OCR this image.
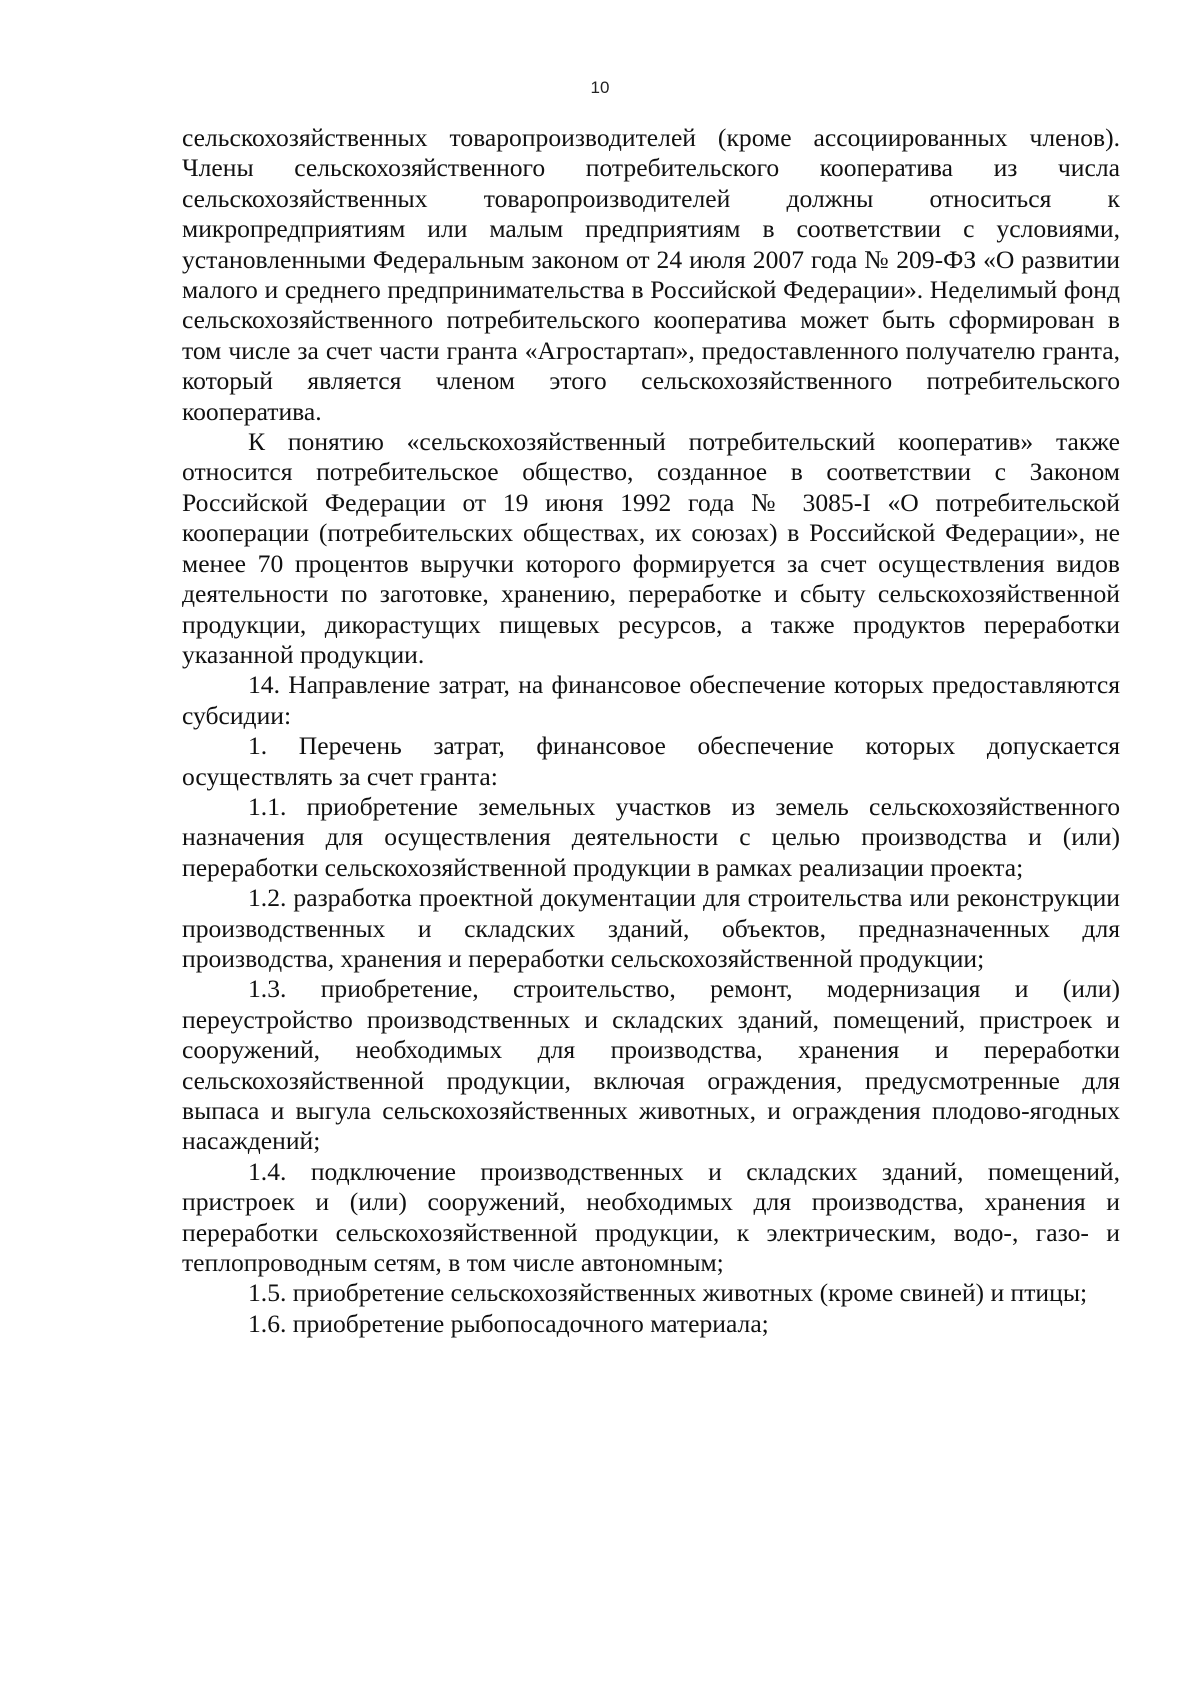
10

сельскохозяйственных товаропроизводителей (кроме ассоциированных членов). Члены сельскохозяйственного потребительского кооператива из числа сельскохозяйственных товаропроизводителей должны относиться к микропредприятиям или малым предприятиям в соответствии с условиями, установленными Федеральным законом от 24 июля 2007 года № 209-ФЗ «О развитии малого и среднего предпринимательства в Российской Федерации». Неделимый фонд сельскохозяйственного потребительского кооператива может быть сформирован в том числе за счет части гранта «Агростартап», предоставленного получателю гранта, который является членом этого сельскохозяйственного потребительского кооператива.

К понятию «сельскохозяйственный потребительский кооператив» также относится потребительское общество, созданное в соответствии с Законом Российской Федерации от 19 июня 1992 года № 3085-I «О потребительской кооперации (потребительских обществах, их союзах) в Российской Федерации», не менее 70 процентов выручки которого формируется за счет осуществления видов деятельности по заготовке, хранению, переработке и сбыту сельскохозяйственной продукции, дикорастущих пищевых ресурсов, а также продуктов переработки указанной продукции.

14. Направление затрат, на финансовое обеспечение которых предоставляются субсидии:

1. Перечень затрат, финансовое обеспечение которых допускается осуществлять за счет гранта:

1.1. приобретение земельных участков из земель сельскохозяйственного назначения для осуществления деятельности с целью производства и (или) переработки сельскохозяйственной продукции в рамках реализации проекта;

1.2. разработка проектной документации для строительства или реконструкции производственных и складских зданий, объектов, предназначенных для производства, хранения и переработки сельскохозяйственной продукции;

1.3. приобретение, строительство, ремонт, модернизация и (или) переустройство производственных и складских зданий, помещений, пристроек и сооружений, необходимых для производства, хранения и переработки сельскохозяйственной продукции, включая ограждения, предусмотренные для выпаса и выгула сельскохозяйственных животных, и ограждения плодово-ягодных насаждений;

1.4. подключение производственных и складских зданий, помещений, пристроек и (или) сооружений, необходимых для производства, хранения и переработки сельскохозяйственной продукции, к электрическим, водо-, газо- и теплопроводным сетям, в том числе автономным;

1.5. приобретение сельскохозяйственных животных (кроме свиней) и птицы;

1.6. приобретение рыбопосадочного материала;
